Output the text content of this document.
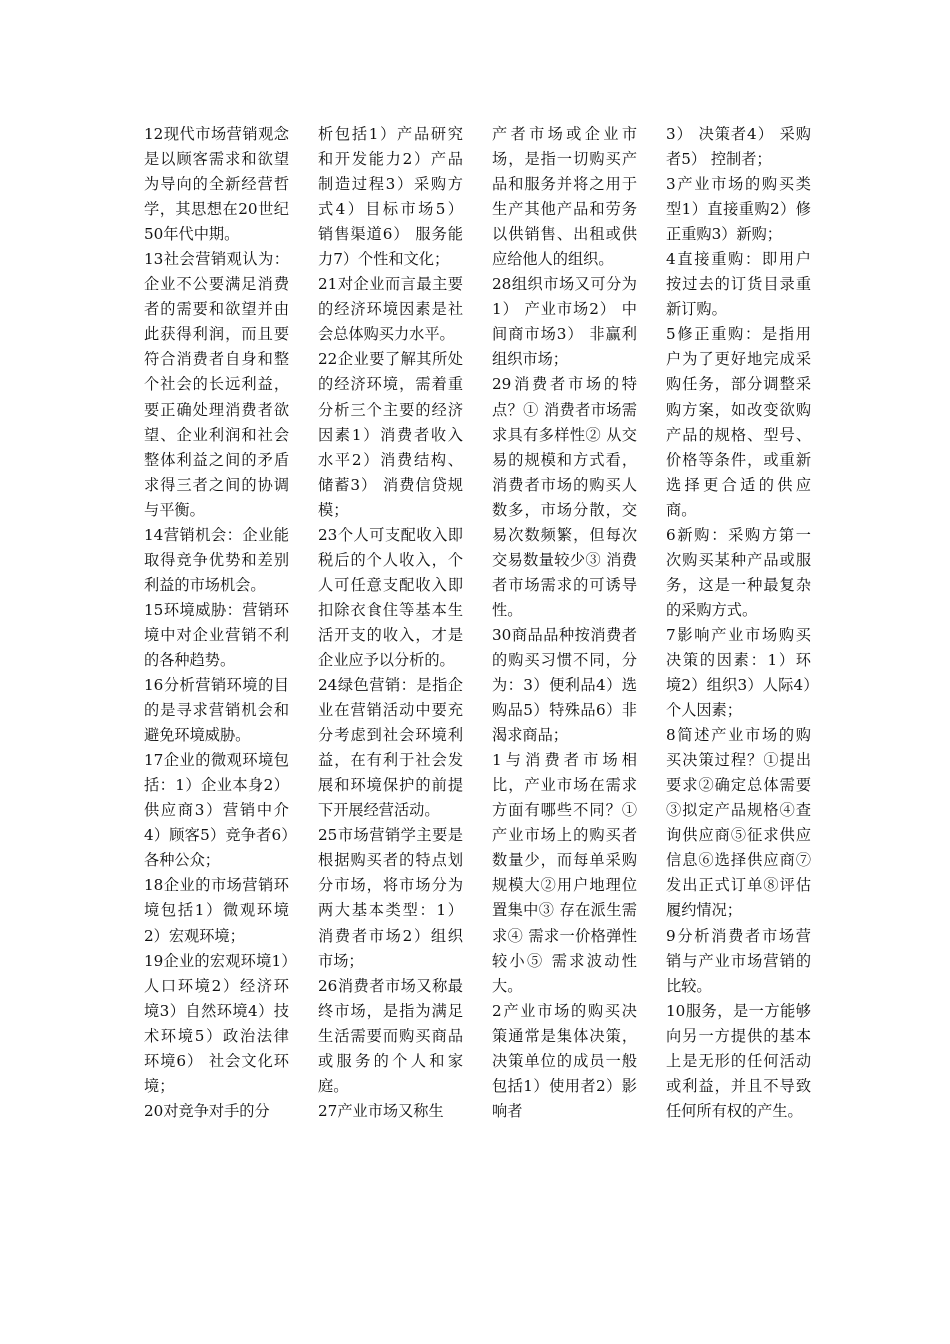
12现代市场营销观念是以顾客需求和欲望为导向的全新经营哲学，其思想在20世纪50年代中期。

13社会营销观认为：企业不公要满足消费者的需要和欲望并由此获得利润，而且要符合消费者自身和整个社会的长远利益，要正确处理消费者欲望、企业利润和社会整体利益之间的矛盾求得三者之间的协调与平衡。

14营销机会：企业能取得竞争优势和差别利益的市场机会。

15环境威胁：营销环境中对企业营销不利的各种趋势。

16分析营销环境的目的是寻求营销机会和避免环境威胁。

17企业的微观环境包括：1）企业本身2）供应商3）营销中介4）顾客5）竞争者6）各种公众；

18企业的市场营销环境包括1）微观环境2）宏观环境；

19企业的宏观环境1）人口环境2）经济环境3）自然环境4）技术环境5）政治法律环境6） 社会文化环境；

20对竞争对手的分

析包括1）产品研究和开发能力2）产品制造过程3）采购方式4）目标市场5） 销售渠道6） 服务能力7）个性和文化；

21对企业而言最主要的经济环境因素是社会总体购买力水平。

22企业要了解其所处的经济环境，需着重分析三个主要的经济因素1）消费者收入水平2）消费结构、储蓄3） 消费信贷规模；

23个人可支配收入即税后的个人收入，个人可任意支配收入即扣除衣食住等基本生活开支的收入，才是企业应予以分析的。

24绿色营销：是指企业在营销活动中要充分考虑到社会环境利益，在有利于社会发展和环境保护的前提下开展经营活动。

25市场营销学主要是根据购买者的特点划分市场，将市场分为两大基本类型：1） 消费者市场2）组织市场；

26消费者市场又称最终市场，是指为满足生活需要而购买商品或服务的个人和家庭。

27产业市场又称生

产者市场或企业市场，是指一切购买产品和服务并将之用于生产其他产品和劳务以供销售、出租或供应给他人的组织。

28组织市场又可分为1） 产业市场2） 中间商市场3） 非赢利组织市场；

29消费者市场的特点？① 消费者市场需求具有多样性② 从交易的规模和方式看，消费者市场的购买人数多，市场分散，交易次数频繁，但每次交易数量较少③ 消费者市场需求的可诱导性。

30商品品种按消费者的购买习惯不同，分为：3）便利品4）选购品5）特殊品6）非渴求商品；

1与消费者市场相比，产业市场在需求方面有哪些不同？① 产业市场上的购买者数量少，而每单采购规模大②用户地理位置集中③ 存在派生需求④ 需求一价格弹性较小⑤ 需求波动性大。

2产业市场的购买决策通常是集体决策，决策单位的成员一般包括1）使用者2）影响者

3） 决策者4） 采购者5） 控制者；

3产业市场的购买类型1）直接重购2）修正重购3）新购；

4直接重购：即用户按过去的订货目录重新订购。

5修正重购：是指用户为了更好地完成采购任务，部分调整采购方案，如改变欲购产品的规格、型号、价格等条件，或重新选择更合适的供应商。

6新购：采购方第一次购买某种产品或服务，这是一种最复杂的采购方式。

7影响产业市场购买决策的因素：1）环境2）组织3）人际4）个人因素；

8简述产业市场的购买决策过程？①提出要求②确定总体需要③拟定产品规格④查询供应商⑤征求供应信息⑥选择供应商⑦发出正式订单⑧评估履约情况；

9分析消费者市场营销与产业市场营销的比较。

10服务，是一方能够向另一方提供的基本上是无形的任何活动或利益，并且不导致任何所有权的产生。
